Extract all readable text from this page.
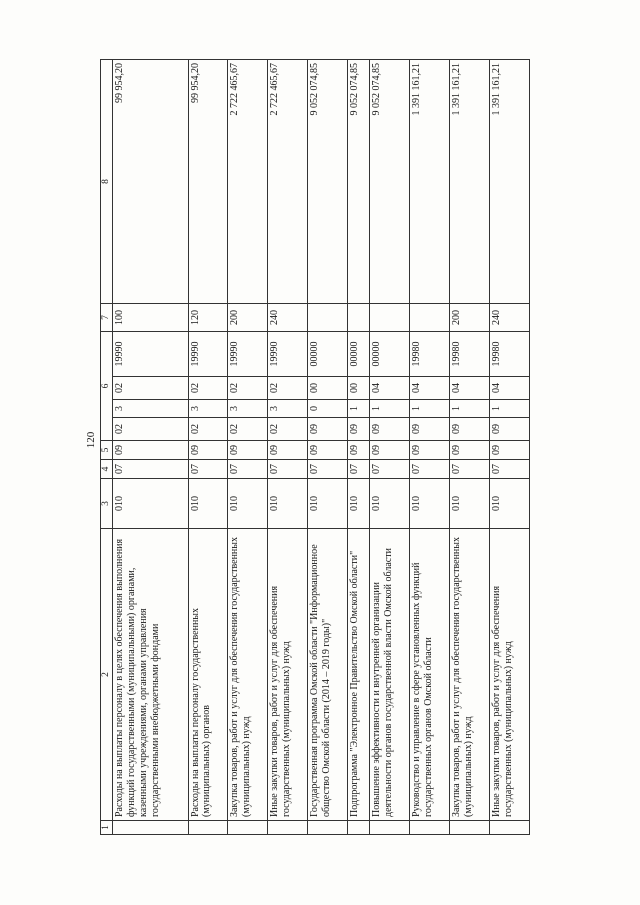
120
1	2	3	4	5	6				7	8
	Расходы на выплаты персоналу в целях обеспечения выполнения функций государственными (муниципальными) органами, казенными учреждениями, органами управления государственными внебюджетными фондами	010	07	09	02	3	02	19990	100	99 954,20
	Расходы на выплаты персоналу государственных (муниципальных) органов	010	07	09	02	3	02	19990	120	99 954,20
	Закупка товаров, работ и услуг для обеспечения государственных (муниципальных) нужд	010	07	09	02	3	02	19990	200	2 722 465,67
	Иные закупки товаров, работ и услуг для обеспечения государственных (муниципальных) нужд	010	07	09	02	3	02	19990	240	2 722 465,67
	Государственная программа Омской области "Информационное общество Омской области (2014 – 2019 годы)"	010	07	09	09	0	00	00000		9 052 074,85
	Подпрограмма "Электронное Правительство Омской области"	010	07	09	09	1	00	00000		9 052 074,85
	Повышение эффективности и внутренней организации деятельности органов государственной власти Омской области	010	07	09	09	1	04	00000		9 052 074,85
	Руководство и управление в сфере установленных функций государственных органов Омской области	010	07	09	09	1	04	19980		1 391 161,21
	Закупка товаров, работ и услуг для обеспечения государственных (муниципальных) нужд	010	07	09	09	1	04	19980	200	1 391 161,21
	Иные закупки товаров, работ и услуг для обеспечения государственных (муниципальных) нужд	010	07	09	09	1	04	19980	240	1 391 161,21
